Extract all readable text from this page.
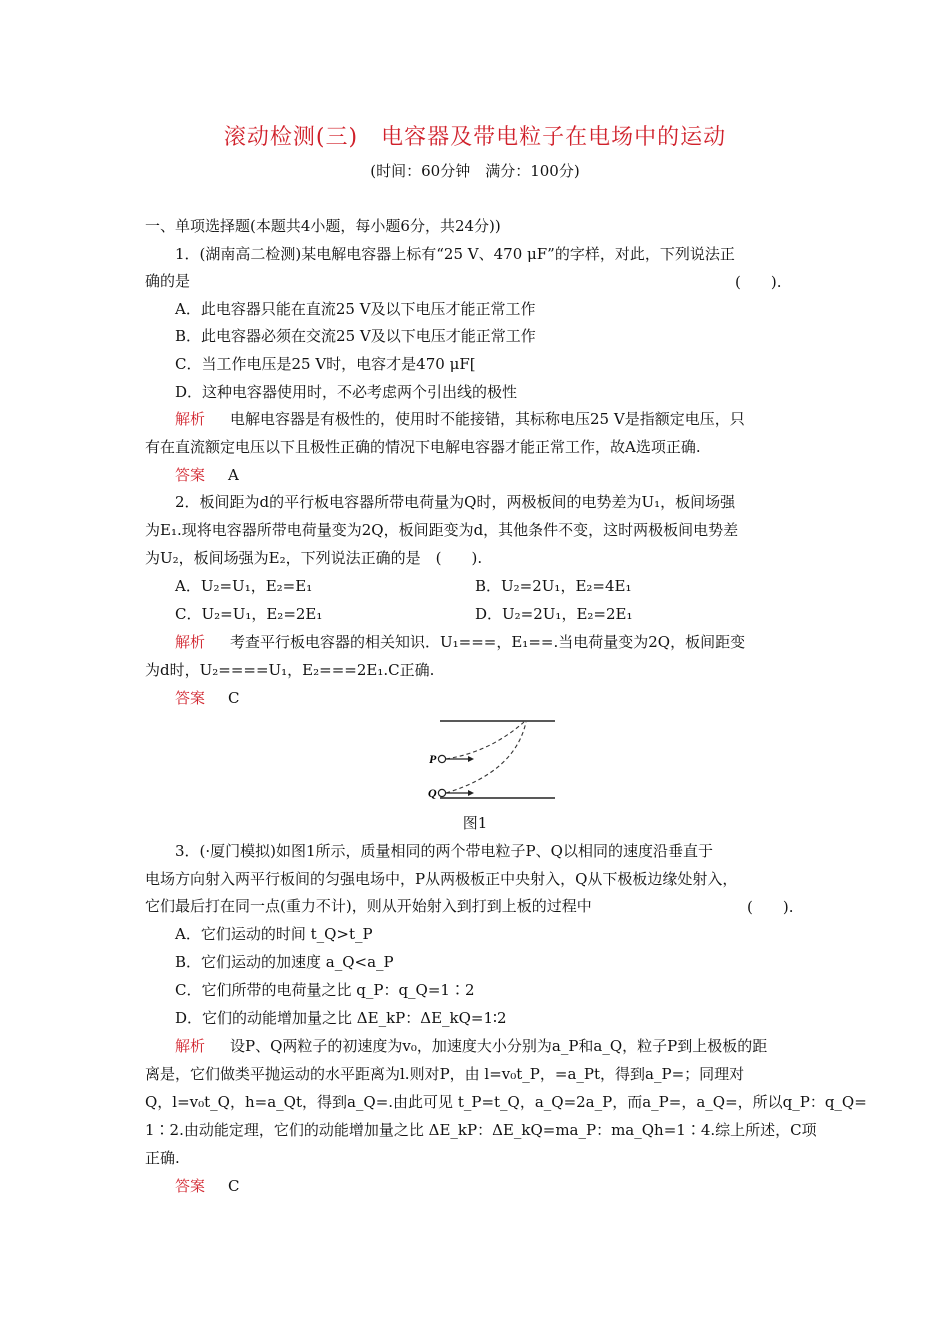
滚动检测(三)　电容器及带电粒子在电场中的运动
(时间：60分钟　满分：100分)
一、单项选择题(本题共4小题，每小题6分，共24分))
1．(湖南高二检测)某电解电容器上标有“25 V、470 μF”的字样，对此，下列说法正
确的是	(　　).
A．此电容器只能在直流25 V及以下电压才能正常工作
B．此电容器必须在交流25 V及以下电压才能正常工作
C．当工作电压是25 V时，电容才是470 μF[
D．这种电容器使用时，不必考虑两个引出线的极性
解析 电解电容器是有极性的，使用时不能接错，其标称电压25 V是指额定电压，只
有在直流额定电压以下且极性正确的情况下电解电容器才能正常工作，故A选项正确.
答案 A
2．板间距为d的平行板电容器所带电荷量为Q时，两极板间的电势差为U₁，板间场强
为E₁.现将电容器所带电荷量变为2Q，板间距变为d，其他条件不变，这时两极板间电势差
为U₂，板间场强为E₂，下列说法正确的是　(　　).
A．U₂=U₁，E₂=E₁	B．U₂=2U₁，E₂=4E₁
C．U₂=U₁，E₂=2E₁	D．U₂=2U₁，E₂=2E₁
解析 考查平行板电容器的相关知识．U₁===，E₁==.当电荷量变为2Q，板间距变
为d时，U₂====U₁，E₂===2E₁.C正确.
答案 C
P
Q
图1
3．(·厦门模拟)如图1所示，质量相同的两个带电粒子P、Q以相同的速度沿垂直于
电场方向射入两平行板间的匀强电场中，P从两极板正中央射入，Q从下极板边缘处射入，
它们最后打在同一点(重力不计)，则从开始射入到打到上板的过程中	(　　).
A．它们运动的时间 t_Q>t_P
B．它们运动的加速度 a_Q<a_P
C．它们所带的电荷量之比 q_P：q_Q=1∶2
D．它们的动能增加量之比 ΔE_kP：ΔE_kQ=1∶2
解析 设P、Q两粒子的初速度为v₀，加速度大小分别为a_P和a_Q，粒子P到上极板的距
离是，它们做类平抛运动的水平距离为l.则对P，由 l=v₀t_P，=a_Pt，得到a_P=；同理对
Q，l=v₀t_Q，h=a_Qt，得到a_Q=.由此可见 t_P=t_Q，a_Q=2a_P，而a_P=，a_Q=，所以q_P：q_Q=
1∶2.由动能定理，它们的动能增加量之比 ΔE_kP：ΔE_kQ=ma_P：ma_Qh=1∶4.综上所述，C项
正确.
答案 C
